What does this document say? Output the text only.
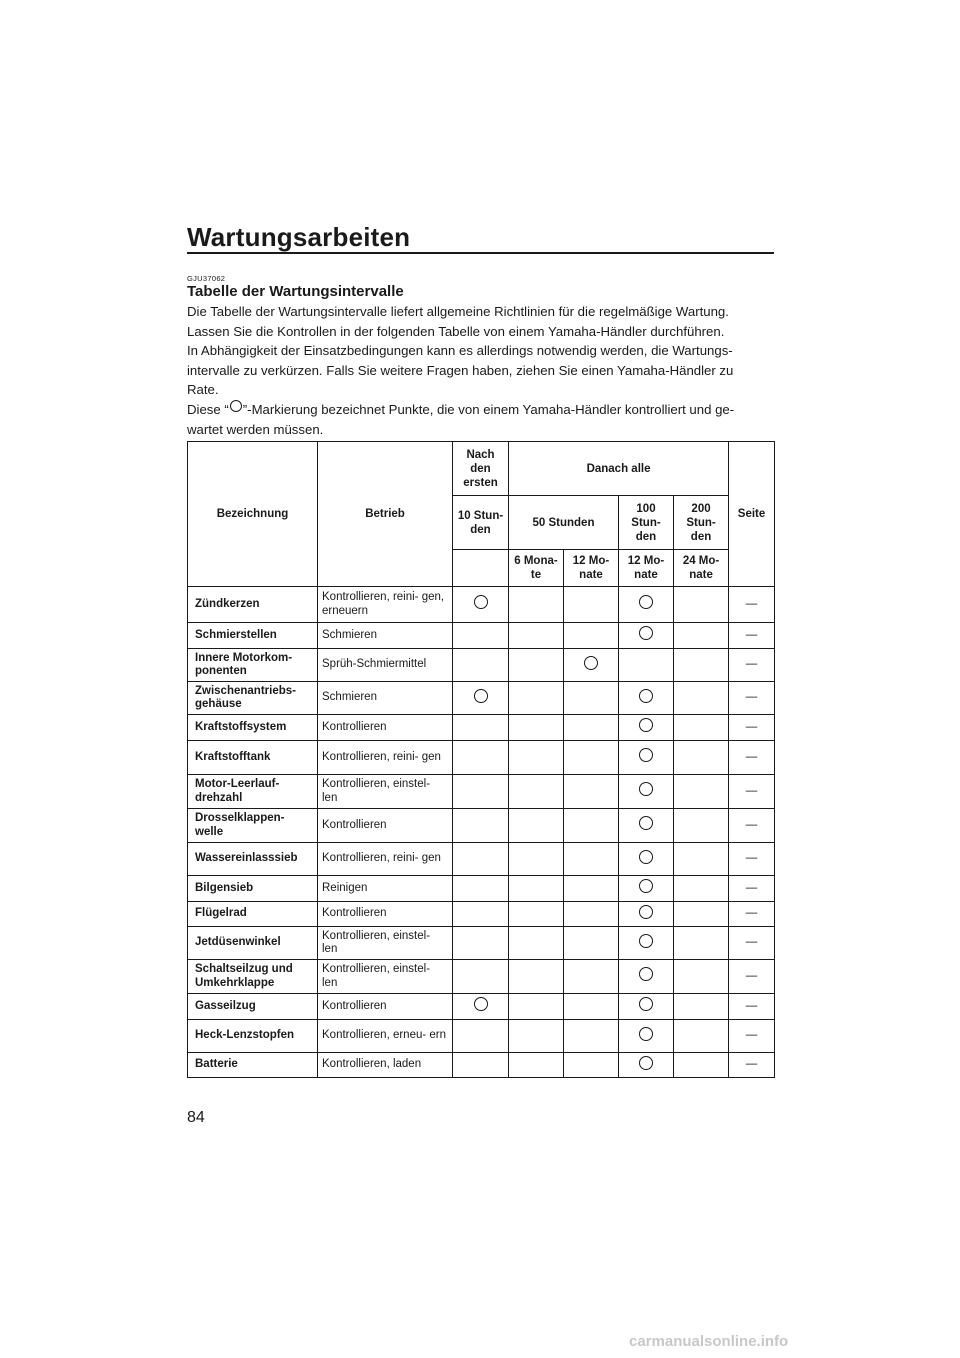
Wartungsarbeiten
GJU37062
Tabelle der Wartungsintervalle

Die Tabelle der Wartungsintervalle liefert allgemeine Richtlinien für die regelmäßige Wartung.

Lassen Sie die Kontrollen in der folgenden Tabelle von einem Yamaha-Händler durchführen.

In Abhängigkeit der Einsatzbedingungen kann es allerdings notwendig werden, die Wartungs-

intervalle zu verkürzen. Falls Sie weitere Fragen haben, ziehen Sie einen Yamaha-Händler zu

Rate.

Diese “ ”-Markierung bezeichnet Punkte, die von einem Yamaha-Händler kontrolliert und ge-

wartet werden müssen.

Bezeichnung	Betrieb	Nach den ersten	Danach alle				Seite
		10 Stun- den	50 Stunden		100 Stun- den	200 Stun- den	
			6 Mona- te	12 Mo- nate	12 Mo- nate	24 Mo- nate	
Zündkerzen	Kontrollieren, reini- gen, erneuern						—
Schmierstellen	Schmieren						—
Innere Motorkom- ponenten	Sprüh-Schmiermittel						—
Zwischenantriebs- gehäuse	Schmieren						—
Kraftstoffsystem	Kontrollieren						—
Kraftstofftank	Kontrollieren, reini- gen						—
Motor-Leerlauf- drehzahl	Kontrollieren, einstel- len						—
Drosselklappen- welle	Kontrollieren						—
Wassereinlasssieb	Kontrollieren, reini- gen						—
Bilgensieb	Reinigen						—
Flügelrad	Kontrollieren						—
Jetdüsenwinkel	Kontrollieren, einstel- len						—
Schaltseilzug und Umkehrklappe	Kontrollieren, einstel- len						—
Gasseilzug	Kontrollieren						—
Heck-Lenzstopfen	Kontrollieren, erneu- ern						—
Batterie	Kontrollieren, laden						—
84
carmanualsonline.info
